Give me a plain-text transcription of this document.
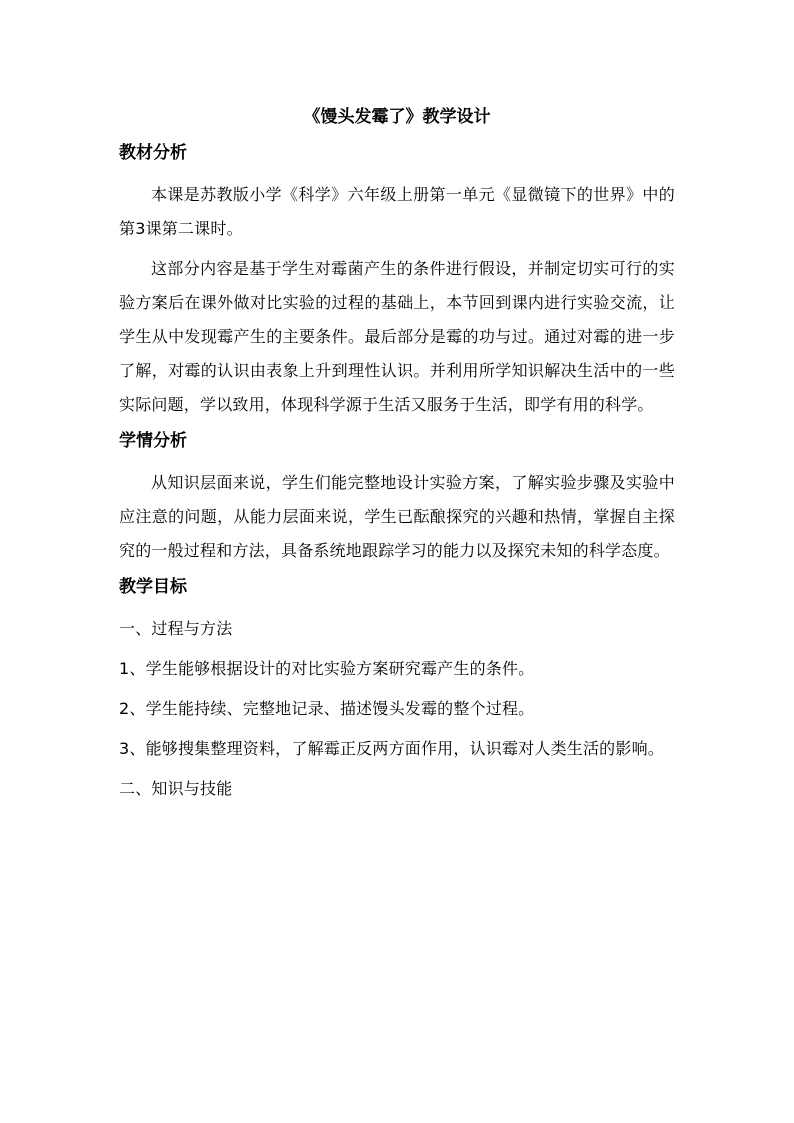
《馒头发霉了》教学设计
教材分析

本课是苏教版小学《科学》六年级上册第一单元《显微镜下的世界》中的第3课第二课时。

这部分内容是基于学生对霉菌产生的条件进行假设，并制定切实可行的实验方案后在课外做对比实验的过程的基础上，本节回到课内进行实验交流，让学生从中发现霉产生的主要条件。最后部分是霉的功与过。通过对霉的进一步了解，对霉的认识由表象上升到理性认识。并利用所学知识解决生活中的一些实际问题，学以致用，体现科学源于生活又服务于生活，即学有用的科学。

学情分析

从知识层面来说，学生们能完整地设计实验方案，了解实验步骤及实验中应注意的问题，从能力层面来说，学生已酝酿探究的兴趣和热情，掌握自主探究的一般过程和方法，具备系统地跟踪学习的能力以及探究未知的科学态度。

教学目标
一、过程与方法
1、学生能够根据设计的对比实验方案研究霉产生的条件。
2、学生能持续、完整地记录、描述馒头发霉的整个过程。
3、能够搜集整理资料，了解霉正反两方面作用，认识霉对人类生活的影响。
二、知识与技能
